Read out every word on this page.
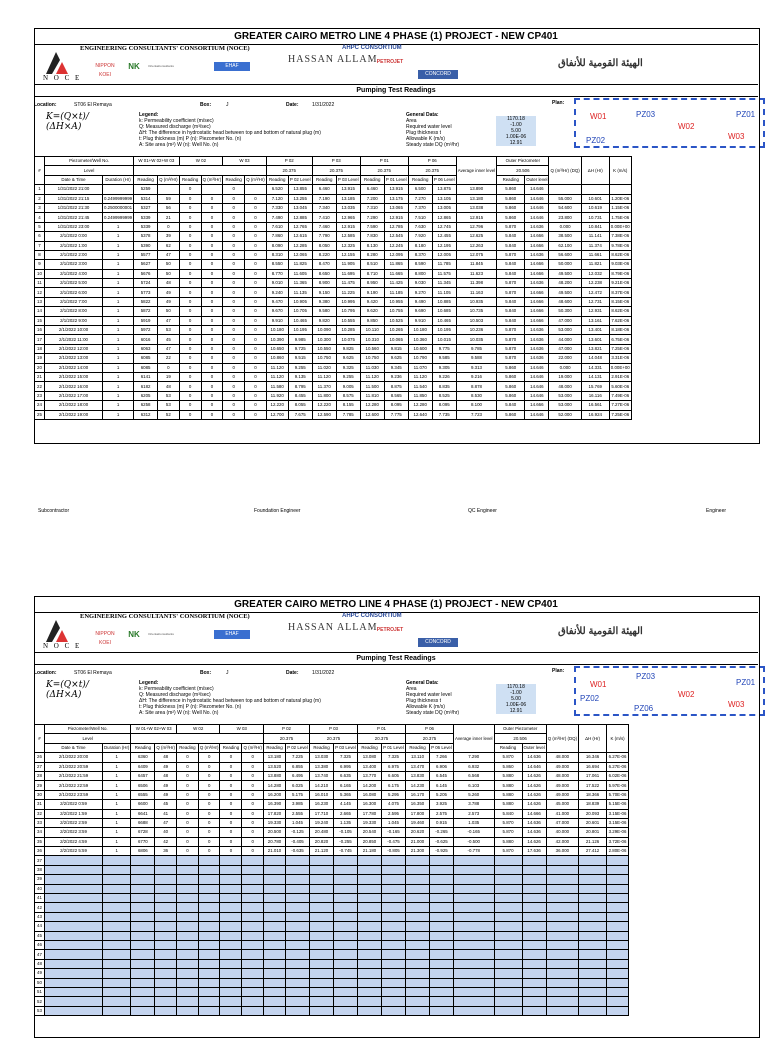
GREATER CAIRO METRO LINE 4 PHASE (1) PROJECT - NEW CP401
ENGINEERING CONSULTANTS' CONSORTIUM (NOCE)
N O C E
NIPPON KOEI
NK	Orientalconsultants	EHAF
AHPC CONSORTIUM
HASSAN ALLAM PETROJET
CONCORD
الهيئة القومية للأنفاق
Pumping Test Readings
Location:	ST06 El Remaya	Box:	J	Date:	1/31/2022
K=(Q×t)/
(ΔH×A)
Legend:
k: Permeability coefficient (m/sec)
Q: Measured discharge (m³/sec)
ΔH: The difference in hydrostatic head between top and bottom of natural plug (m)
t: Plug thickness (m) P (n): Piezometer No. (n)
A: Site area (m²) W (n): Well No. (n)
General Data:
Area
Required water level
Plug thickness t
Allowable K (m/s)
Steady state DQ (m³/hr)
1170.18
-1.00
5.00
1.00E-06
12.91
Plan:
W01	PZ03	PZ01
W02
W03
PZ02
#	Piezometer/Well No.		W 01+W 02+W 03		W 02		W 03		P 02		P 03		P 01		P 06		Average inner level	Outer Piezometer		Q (m³/Hr) (DQ)	ΔH (Hr)	K (m/s)
	Level								20.375		20.375		20.375		20.375			20.506				
	Date & Time	Duration (Hr)	Reading	Q (m³/Hr)	Reading	Q (m³/Hr)	Reading	Q (m³/Hr)	Reading	P 02 Level	Reading	P 03 Level	Reading	P 01 Level	Reading	P 06 Level		Reading	Outer level			
1	1/31/2022 21:00		5259		0		0		6.520	13.855	6.460	13.915	6.460	13.915	6.500	13.875	13.890	5.860	14.646			
2	1/31/2022 21:15	0.2499999999	5314	59	0	0	0	0	7.120	13.255	7.190	13.185	7.200	13.175	7.270	13.105	13.180	5.860	14.646	55.000	10.601	1.20E-06
3	1/31/2022 21:30	0.2500000001	5327	56	0	0	0	0	7.330	13.045	7.340	13.035	7.310	13.065	7.370	13.005	13.038	5.860	14.646	54.600	10.619	1.15E-06
4	1/31/2022 21:45	0.2499999999	5339	21	0	0	0	0	7.490	12.885	7.410	12.965	7.290	12.915	7.510	12.865	12.915	5.860	14.646	23.800	10.731	1.75E-06
5	1/31/2022 23:00	1	5339	0	0	0	0	0	7.610	12.765	7.460	12.915	7.590	12.785	7.630	12.745	12.796	5.870	14.636	0.000	10.841	0.00E+00
6	2/1/2022 0:00	1	5378	39	0	0	0	0	7.860	12.615	7.790	12.585	7.830	12.545	7.920	12.455	12.625	5.840	14.666	38.500	11.141	7.38E-06
7	2/1/2022 1:00	1	5390	62	0	0	0	0	8.090	12.285	8.050	12.325	8.130	12.245	8.180	12.195	12.263	5.840	14.666	62.100	11.374	9.78E-06
8	2/1/2022 2:00	1	5577	47	0	0	0	0	8.310	12.065	8.220	12.155	8.280	12.095	8.370	12.005	12.075	5.870	14.636	56.600	11.661	8.62E-06
9	2/1/2022 3:00	1	5627	50	0	0	0	0	8.550	11.825	8.470	11.905	8.510	11.865	8.590	11.785	11.845	5.840	14.666	50.000	11.821	9.03E-06
10	2/1/2022 4:00	1	5676	50	0	0	0	0	8.770	11.605	8.650	11.695	8.710	11.665	8.800	11.575	11.623	5.840	14.666	49.500	12.032	8.79E-06
11	2/1/2022 5:00	1	5724	48	0	0	0	0	9.010	11.365	8.900	11.475	8.950	11.425	9.030	11.345	11.398	5.870	14.636	48.200	12.238	9.21E-06
12	2/1/2022 6:00	1	5773	49	0	0	0	0	9.240	11.135	9.150	11.225	9.190	11.185	9.270	11.105	11.163	5.870	14.666	49.500	12.472	8.37E-06
13	2/1/2022 7:00	1	5822	49	0	0	0	0	9.470	10.905	9.380	10.995	9.420	10.955	9.490	10.885	10.935	5.840	14.666	48.600	12.731	8.15E-06
14	2/1/2022 8:00	1	5872	50	0	0	0	0	9.670	10.705	9.580	10.795	9.620	10.755	9.690	10.685	10.735	5.840	14.666	50.300	12.931	8.62E-06
15	2/1/2022 9:00	1	5919	47	0	0	0	0	9.910	10.465	9.820	10.555	9.850	10.525	9.910	10.465	10.503	5.840	14.666	47.000	13.161	7.62E-06
16	2/1/2022 10:00	1	5972	53	0	0	0	0	10.180	10.195	10.090	10.285	10.110	10.265	10.180	10.195	10.236	5.870	14.636	53.000	13.401	8.18E-06
17	2/1/2022 11:00	1	6016	45	0	0	0	0	10.390	9.985	10.300	10.075	10.310	10.065	10.360	10.015	10.035	5.870	14.636	44.000	13.601	6.75E-06
18	2/1/2022 12:00	1	6063	47	0	0	0	0	10.650	9.725	10.550	9.825	10.560	9.815	10.600	9.775	9.785	5.870	14.636	47.000	13.821	7.25E-06
19	2/1/2022 13:00	1	6085	22	0	0	0	0	10.860	9.515	10.750	9.625	10.750	9.625	10.790	9.585	9.588	5.870	14.636	22.000	14.048	3.31E-06
20	2/1/2022 14:00	1	6085	0	0	0	0	0	11.120	9.255	11.020	9.325	11.030	9.345	11.070	9.305	9.313	5.860	14.646	0.000	14.331	0.00E+00
21	2/1/2022 15:00	1	6141	19	0	0	0	0	11.120	9.135	11.120	9.255	11.120	9.236	11.120	9.226	9.216	5.860	14.646	19.000	14.131	2.91E-06
22	2/1/2022 16:00	1	6182	48	0	0	0	0	11.580	8.795	11.370	9.005	11.500	8.875	11.540	8.835	8.878	5.860	14.646	48.000	15.769	5.60E-06
23	2/1/2022 17:00	1	6205	53	0	0	0	0	11.920	8.455	11.800	8.575	11.810	8.565	11.850	8.525	8.530	5.860	14.646	53.000	16.116	7.49E-06
24	2/1/2022 18:00	1	6258	53	0	0	0	0	12.220	8.055	12.220	8.155	12.280	8.095	12.280	8.095	8.100	5.840	14.666	53.000	16.561	7.27E-06
25	2/1/2022 19:00	1	6312	52	0	0	0	0	12.700	7.675	12.590	7.785	12.600	7.775	12.640	7.735	7.723	5.860	14.646	52.000	16.924	7.25E-06
Subcontractor	Foundation Engineer	QC Engineer	Engineer
GREATER CAIRO METRO LINE 4 PHASE (1) PROJECT - NEW CP401
ENGINEERING CONSULTANTS' CONSORTIUM (NOCE)
N O C E
NIPPON KOEI
NK	Orientalconsultants	EHAF
AHPC CONSORTIUM
HASSAN ALLAM PETROJET
CONCORD
الهيئة القومية للأنفاق
Pumping Test Readings
Location:	ST06 El Remaya	Box:	J	Date:	1/31/2022
K=(Q×t)/
(ΔH×A)
Legend:
k: Permeability coefficient (m/sec)
Q: Measured discharge (m³/sec)
ΔH: The difference in hydrostatic head between top and bottom of natural plug (m)
t: Plug thickness (m) P (n): Piezometer No. (n)
A: Site area (m²) W (n): Well No. (n)
General Data:
Area
Required water level
Plug thickness t
Allowable K (m/s)
Steady state DQ (m³/hr)
1170.18
-1.00
5.00
1.00E-06
12.91
Plan:
W01
PZ03
PZ01
W02
W03
PZ02
PZ06
#	Piezometer/Well No.		W 01+W 02+W 03		W 02		W 03		P 02		P 03		P 01		P 06		Average inner level	Outer Piezometer		Q (m³/Hr) (DQ)	ΔH (Hr)	K (m/s)
	Level								20.375		20.375		20.375		20.375			20.506				
	Date & Time	Duration (Hr)	Reading	Q (m³/Hr)	Reading	Q (m³/Hr)	Reading	Q (m³/Hr)	Reading	P 02 Level	Reading	P 03 Level	Reading	P 01 Level	Reading	P 06 Level		Reading	Outer level			
26	2/1/2022 20:00	1	6360	48	0	0	0	0	13.180	7.225	13.030	7.325	13.080	7.325	13.110	7.266	7.290	5.870	14.636	48.000	16.346	6.27E-06
27	2/1/2022 20:59	1	6409	49	0	0	0	0	13.520	6.855	13.380	6.995	13.400	6.975	13.470	6.906	6.932	5.860	14.646	49.000	16.694	6.27E-06
28	2/1/2022 21:59	1	6457	48	0	0	0	0	13.880	6.495	13.740	6.635	13.770	6.605	13.830	6.545	6.568	5.880	14.626	48.000	17.061	6.02E-06
29	2/1/2022 22:59	1	6506	49	0	0	0	0	14.280	6.025	14.210	6.165	14.200	6.175	14.230	6.145	6.103	5.880	14.626	49.000	17.522	5.97E-06
30	2/1/2022 23:59	1	6555	49	0	0	0	0	16.200	5.175	16.010	5.365	16.080	5.295	16.170	5.205	5.260	5.880	14.626	49.000	18.366	5.70E-06
31	2/2/2022 0:59	1	6600	45	0	0	0	0	16.390	3.985	16.230	4.145	16.300	4.075	16.350	3.925	3.788	5.880	14.626	45.000	18.839	5.15E-06
32	2/2/2022 1:59	1	6641	41	0	0	0	0	17.820	2.555	17.710	2.665	17.780	2.595	17.800	2.575	2.573	5.840	14.666	41.000	20.093	3.15E-06
33	2/2/2022 2:59	1	6688	47	0	0	0	0	19.330	1.045	19.240	1.135	19.330	1.045	19.460	0.915	1.035	5.870	14.636	47.000	20.601	3.15E-06
34	2/2/2022 3:59	1	6728	40	0	0	0	0	20.500	-0.125	20.480	-0.105	20.540	-0.165	20.620	-0.265	-0.165	5.870	14.636	40.000	20.801	3.29E-06
35	2/2/2022 4:59	1	6770	42	0	0	0	0	20.780	-0.405	20.820	-0.255	20.850	-0.475	21.000	-0.625	-0.500	5.880	14.626	42.000	21.126	3.72E-06
36	2/2/2022 5:59	1	6806	36	0	0	0	0	21.010	-0.635	21.120	-0.745	21.180	-0.805	21.300	-0.925	-0.778	5.870	17.636	36.000	27.412	2.80E-06
37																						
38																						
39																						
40																						
41																						
42																						
43																						
44																						
45																						
46																						
47																						
48																						
49																						
50																						
51																						
52																						
53																						
